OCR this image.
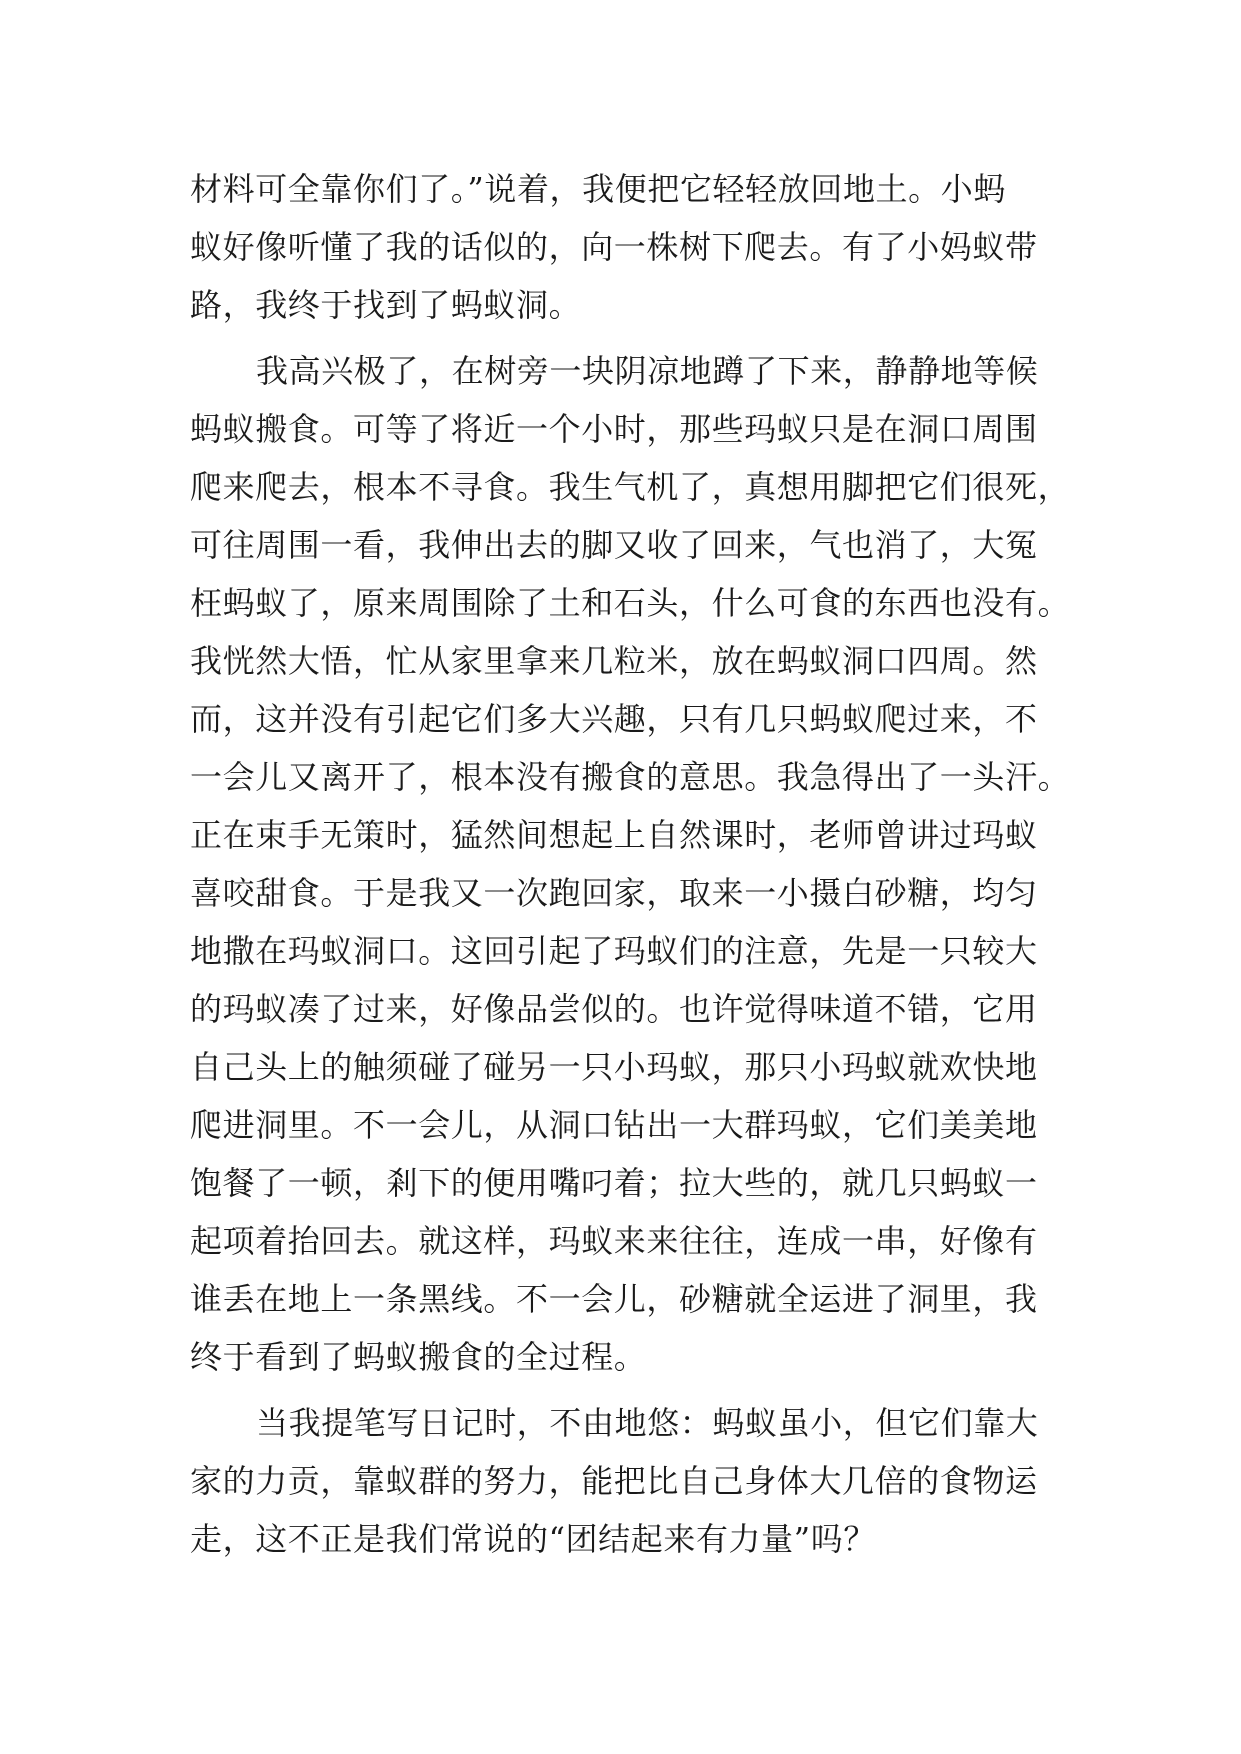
材料可全靠你们了。”说着，我便把它轻轻放回地土。小蚂
蚁好像听懂了我的话似的，向一株树下爬去。有了小妈蚁带
路，我终于找到了蚂蚁洞。
我高兴极了，在树旁一块阴凉地蹲了下来，静静地等候
蚂蚁搬食。可等了将近一个小时，那些玛蚁只是在洞口周围
爬来爬去，根本不寻食。我生气机了，真想用脚把它们很死，
可往周围一看，我伸出去的脚又收了回来，气也消了，大冤
枉蚂蚁了，原来周围除了土和石头，什么可食的东西也没有。
我恍然大悟，忙从家里拿来几粒米，放在蚂蚁洞口四周。然
而，这并没有引起它们多大兴趣，只有几只蚂蚁爬过来，不
一会儿又离开了，根本没有搬食的意思。我急得出了一头汗。
正在束手无策时，猛然间想起上自然课时，老师曾讲过玛蚁
喜咬甜食。于是我又一次跑回家，取来一小摄白砂糖，均匀
地撒在玛蚁洞口。这回引起了玛蚁们的注意，先是一只较大
的玛蚁凑了过来，好像品尝似的。也许觉得味道不错，它用
自己头上的触须碰了碰另一只小玛蚁，那只小玛蚁就欢快地
爬进洞里。不一会儿，从洞口钻出一大群玛蚁，它们美美地
饱餐了一顿，剎下的便用嘴叼着；拉大些的，就几只蚂蚁一
起项着抬回去。就这样，玛蚁来来往往，连成一串，好像有
谁丢在地上一条黑线。不一会儿，砂糖就全运进了洞里，我
终于看到了蚂蚁搬食的全过程。
当我提笔写日记时，不由地悠：蚂蚁虽小，但它们靠大
家的力贡，靠蚁群的努力，能把比自己身体大几倍的食物运
走，这不正是我们常说的“团结起来有力量”吗？
